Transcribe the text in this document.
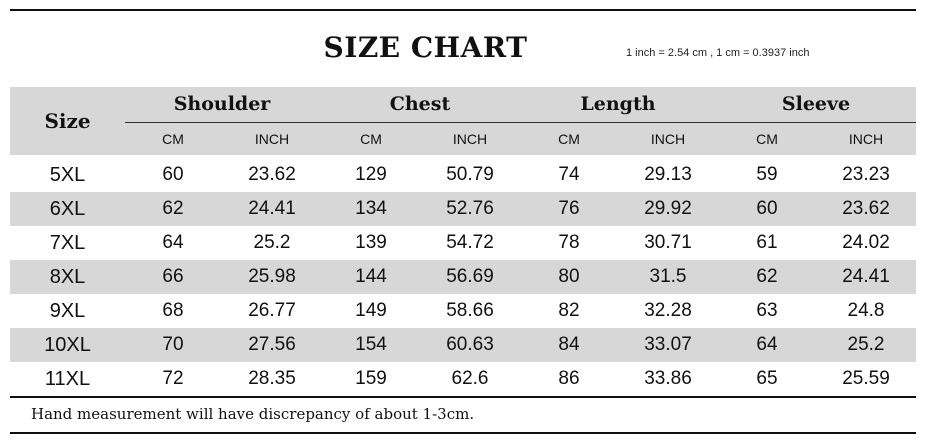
SIZE CHART	1 inch = 2.54 cm , 1 cm = 0.3937 inch
Size
Shoulder	Chest	Length	Sleeve
CM	INCH	CM	INCH	CM	INCH	CM	INCH
5XL	60	23.62	129	50.79	74	29.13	59	23.23
6XL	62	24.41	134	52.76	76	29.92	60	23.62
7XL	64	25.2	139	54.72	78	30.71	61	24.02
8XL	66	25.98	144	56.69	80	31.5	62	24.41
9XL	68	26.77	149	58.66	82	32.28	63	24.8
10XL	70	27.56	154	60.63	84	33.07	64	25.2
11XL	72	28.35	159	62.6	86	33.86	65	25.59
Hand measurement will have discrepancy of about 1-3cm.
